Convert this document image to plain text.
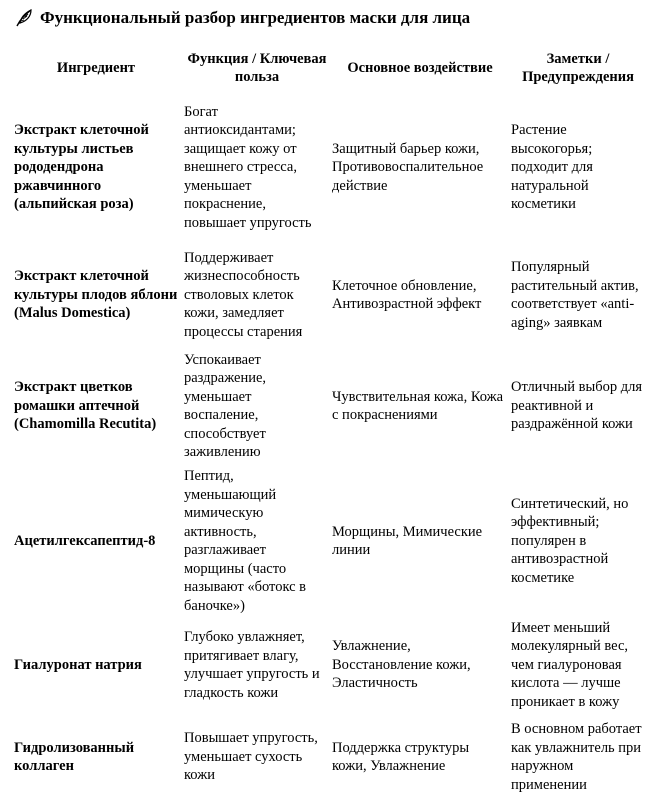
Функциональный разбор ингредиентов маски для лица
Ингредиент
Функция / Ключевая польза
Основное воздействие
Заметки / Предупреждения
Экстракт клеточной культуры листьев рододендрона ржавчинного (альпийская роза)
Богат антиоксидантами; защищает кожу от внешнего стресса, уменьшает покраснение, повышает упругость
Защитный барьер кожи, Противовоспалительное действие
Растение высокогорья; подходит для натуральной косметики
Экстракт клеточной культуры плодов яблони (Malus Domestica)
Поддерживает жизнеспособность стволовых клеток кожи, замедляет процессы старения
Клеточное обновление, Антивозрастной эффект
Популярный растительный актив, соответствует «anti-aging» заявкам
Экстракт цветков ромашки аптечной (Chamomilla Recutita)
Успокаивает раздражение, уменьшает воспаление, способствует заживлению
Чувствительная кожа, Кожа с покраснениями
Отличный выбор для реактивной и раздражённой кожи
Ацетилгексапептид-8
Пептид, уменьшающий мимическую активность, разглаживает морщины (часто называют «ботокс в баночке»)
Морщины, Мимические линии
Синтетический, но эффективный; популярен в антивозрастной косметике
Гиалуронат натрия
Глубоко увлажняет, притягивает влагу, улучшает упругость и гладкость кожи
Увлажнение, Восстановление кожи, Эластичность
Имеет меньший молекулярный вес, чем гиалуроновая кислота — лучше проникает в кожу
Гидролизованный коллаген
Повышает упругость, уменьшает сухость кожи
Поддержка структуры кожи, Увлажнение
В основном работает как увлажнитель при наружном применении
